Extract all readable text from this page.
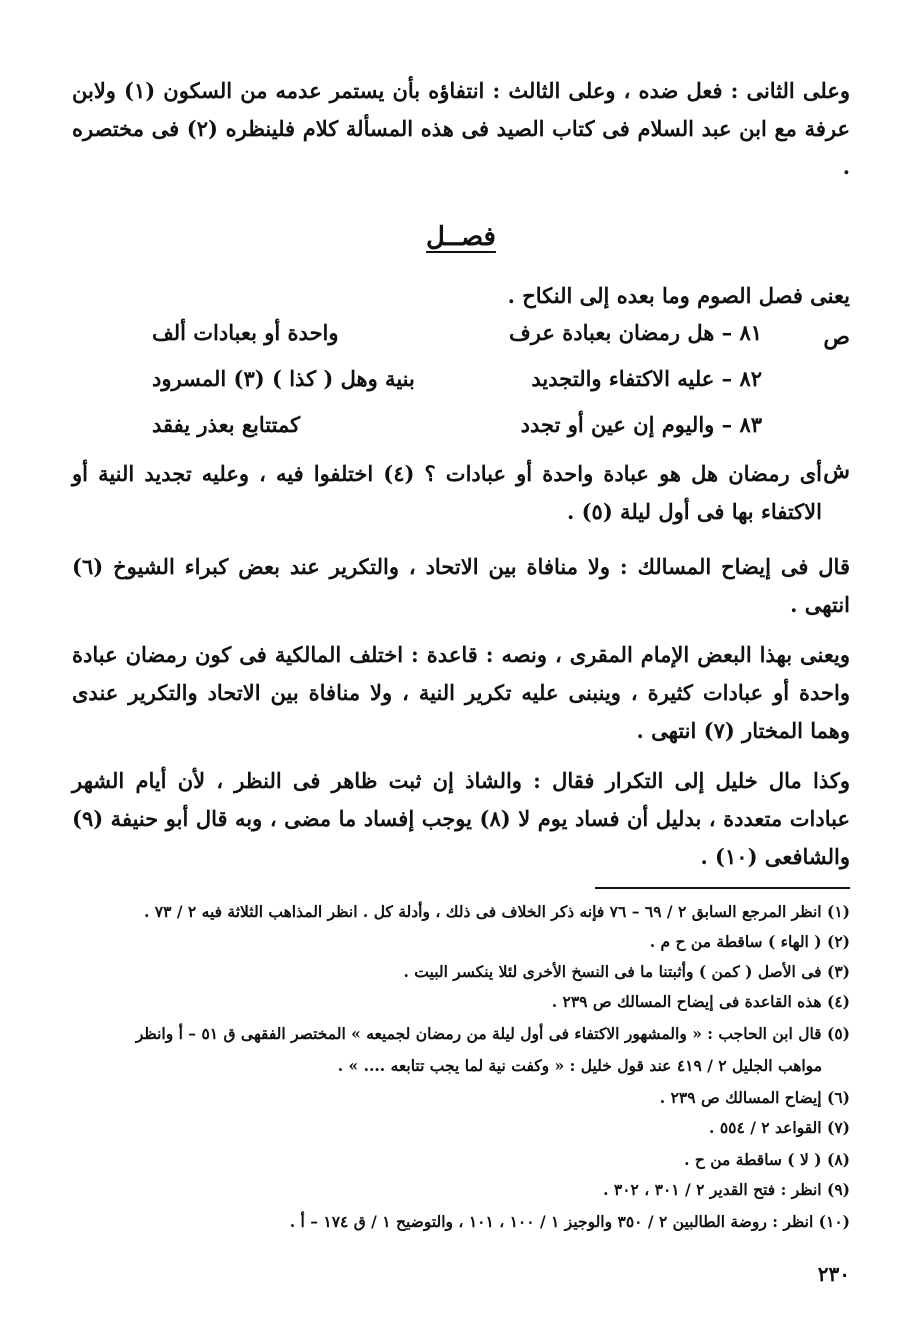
وعلى الثانى : فعل ضده ، وعلى الثالث : انتفاؤه بأن يستمر عدمه من السكون (١) ولابن عرفة مع ابن عبد السلام فى كتاب الصيد فى هذه المسألة كلام فلينظره (٢) فى مختصره .

فصــل

يعنى فصل الصوم وما بعده إلى النكاح .

ص
٨١ – هل رمضان بعبادة عرف
واحدة أو بعبادات ألف
٨٢ – عليه الاكتفاء والتجديد
بنية وهل ( كذا ) (٣) المسرود
٨٣ – واليوم إن عين أو تجدد
كمتتابع بعذر يفقد
ش

أى رمضان هل هو عبادة واحدة أو عبادات ؟ (٤) اختلفوا فيه ، وعليه تجديد النية أو الاكتفاء بها فى أول ليلة (٥) .

قال فى إيضاح المسالك : ولا منافاة بين الاتحاد ، والتكرير عند بعض كبراء الشيوخ (٦) انتهى .

ويعنى بهذا البعض الإمام المقرى ، ونصه : قاعدة : اختلف المالكية فى كون رمضان عبادة واحدة أو عبادات كثيرة ، وينبنى عليه تكرير النية ، ولا منافاة بين الاتحاد والتكرير عندى وهما المختار (٧) انتهى .

وكذا مال خليل إلى التكرار فقال : والشاذ إن ثبت ظاهر فى النظر ، لأن أيام الشهر عبادات متعددة ، بدليل أن فساد يوم لا (٨) يوجب إفساد ما مضى ، وبه قال أبو حنيفة (٩) والشافعى (١٠) .

(١) انظر المرجع السابق ٢ / ٦٩ – ٧٦ فإنه ذكر الخلاف فى ذلك ، وأدلة كل . انظر المذاهب الثلاثة فيه ٢ / ٧٣ .
(٢) ( الهاء ) ساقطة من ح م .
(٣) فى الأصل ( كمن ) وأثبتنا ما فى النسخ الأخرى لئلا ينكسر البيت .
(٤) هذه القاعدة فى إيضاح المسالك ص ٢٣٩ .
(٥) قال ابن الحاجب : « والمشهور الاكتفاء فى أول ليلة من رمضان لجميعه » المختصر الفقهى ق ٥١ – أ وانظر
مواهب الجليل ٢ / ٤١٩ عند قول خليل : « وكفت نية لما يجب تتابعه .... » .
(٦) إيضاح المسالك ص ٢٣٩ .
(٧) القواعد ٢ / ٥٥٤ .
(٨) ( لا ) ساقطة من ح .
(٩) انظر : فتح القدير ٢ / ٣٠١ ، ٣٠٢ .
(١٠) انظر : روضة الطالبين ٢ / ٣٥٠ والوجيز ١ / ١٠٠ ، ١٠١ ، والتوضيح ١ / ق ١٧٤ – أ .
٢٣٠
